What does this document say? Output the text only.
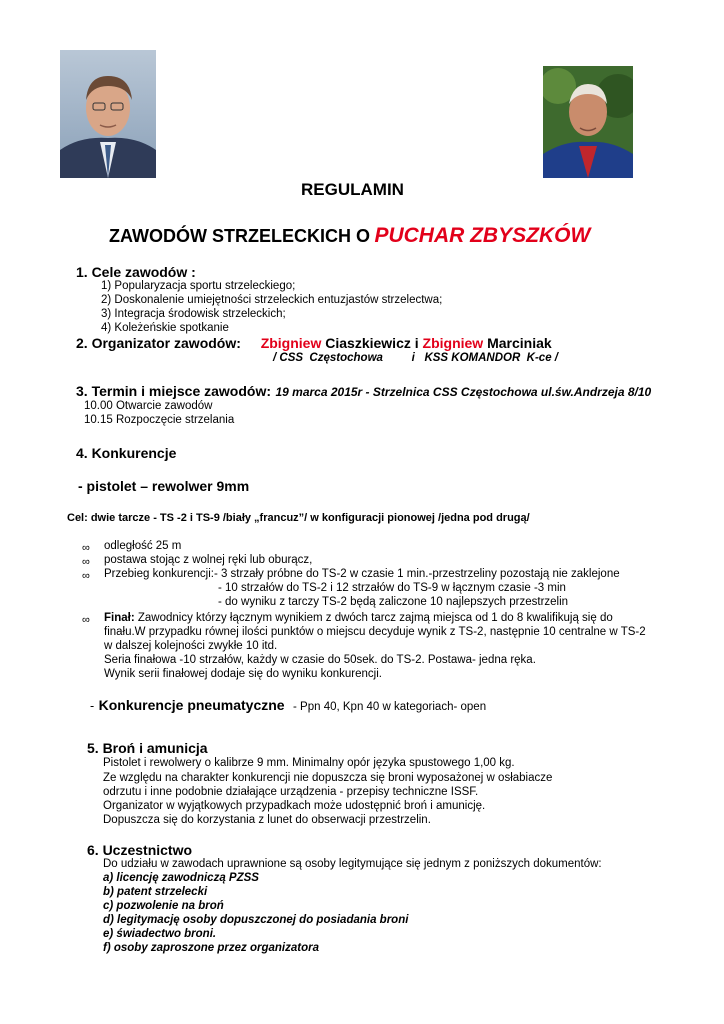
REGULAMIN
ZAWODÓW STRZELECKICH O PUCHAR ZBYSZKÓW
1. Cele zawodów :
1) Popularyzacja sportu strzeleckiego;
2) Doskonalenie umiejętności strzeleckich entuzjastów strzelectwa;
3) Integracja środowisk strzeleckich;
4) Koleżeńskie spotkanie
2. Organizator zawodów: Zbigniew Ciaszkiewicz i Zbigniew Marciniak
/ CSS  Częstochowa         i   KSS KOMANDOR  K-ce /
3. Termin i miejsce zawodów: 19 marca 2015r - Strzelnica CSS Częstochowa ul.św.Andrzeja 8/10
10.00 Otwarcie zawodów
10.15 Rozpoczęcie strzelania
4. Konkurencje
- pistolet – rewolwer 9mm
Cel: dwie tarcze - TS -2 i TS-9 /biały „francuz”/ w konfiguracji pionowej /jedna pod drugą/
∞ odległość 25 m
∞ postawa stojąc z wolnej ręki lub oburącz,
∞ Przebieg konkurencji:- 3 strzały próbne do TS-2 w czasie 1 min.-przestrzeliny pozostają nie zaklejone
- 10 strzałów do TS-2 i 12 strzałów do TS-9 w łącznym czasie -3 min
- do wyniku z tarczy TS-2 będą zaliczone 10 najlepszych przestrzelin
∞ Finał: Zawodnicy którzy łącznym wynikiem z dwóch tarcz zajmą miejsca od 1 do 8 kwalifikują się do
finału.W przypadku równej ilości punktów o miejscu decyduje wynik z TS-2, następnie 10 centralne w TS-2
w dalszej kolejności zwykłe 10 itd.
Seria finałowa -10 strzałów, każdy w czasie do 50sek. do TS-2. Postawa- jedna ręka.
Wynik serii finałowej dodaje się do wyniku konkurencji.
- Konkurencje pneumatyczne - Ppn 40, Kpn 40 w kategoriach- open
5. Broń i amunicja
Pistolet i rewolwery o kalibrze 9 mm. Minimalny opór języka spustowego 1,00 kg.
Ze względu na charakter konkurencji nie dopuszcza się broni wyposażonej w osłabiacze
odrzutu i inne podobnie działające urządzenia - przepisy techniczne ISSF.
Organizator w wyjątkowych przypadkach może udostępnić broń i amunicję.
Dopuszcza się do korzystania z lunet do obserwacji przestrzelin.
6. Uczestnictwo
Do udziału w zawodach uprawnione są osoby legitymujące się jednym z poniższych dokumentów:
a) licencję zawodniczą PZSS
b) patent strzelecki
c) pozwolenie na broń
d) legitymację osoby dopuszczonej do posiadania broni
e) świadectwo broni.
f) osoby zaproszone przez organizatora
